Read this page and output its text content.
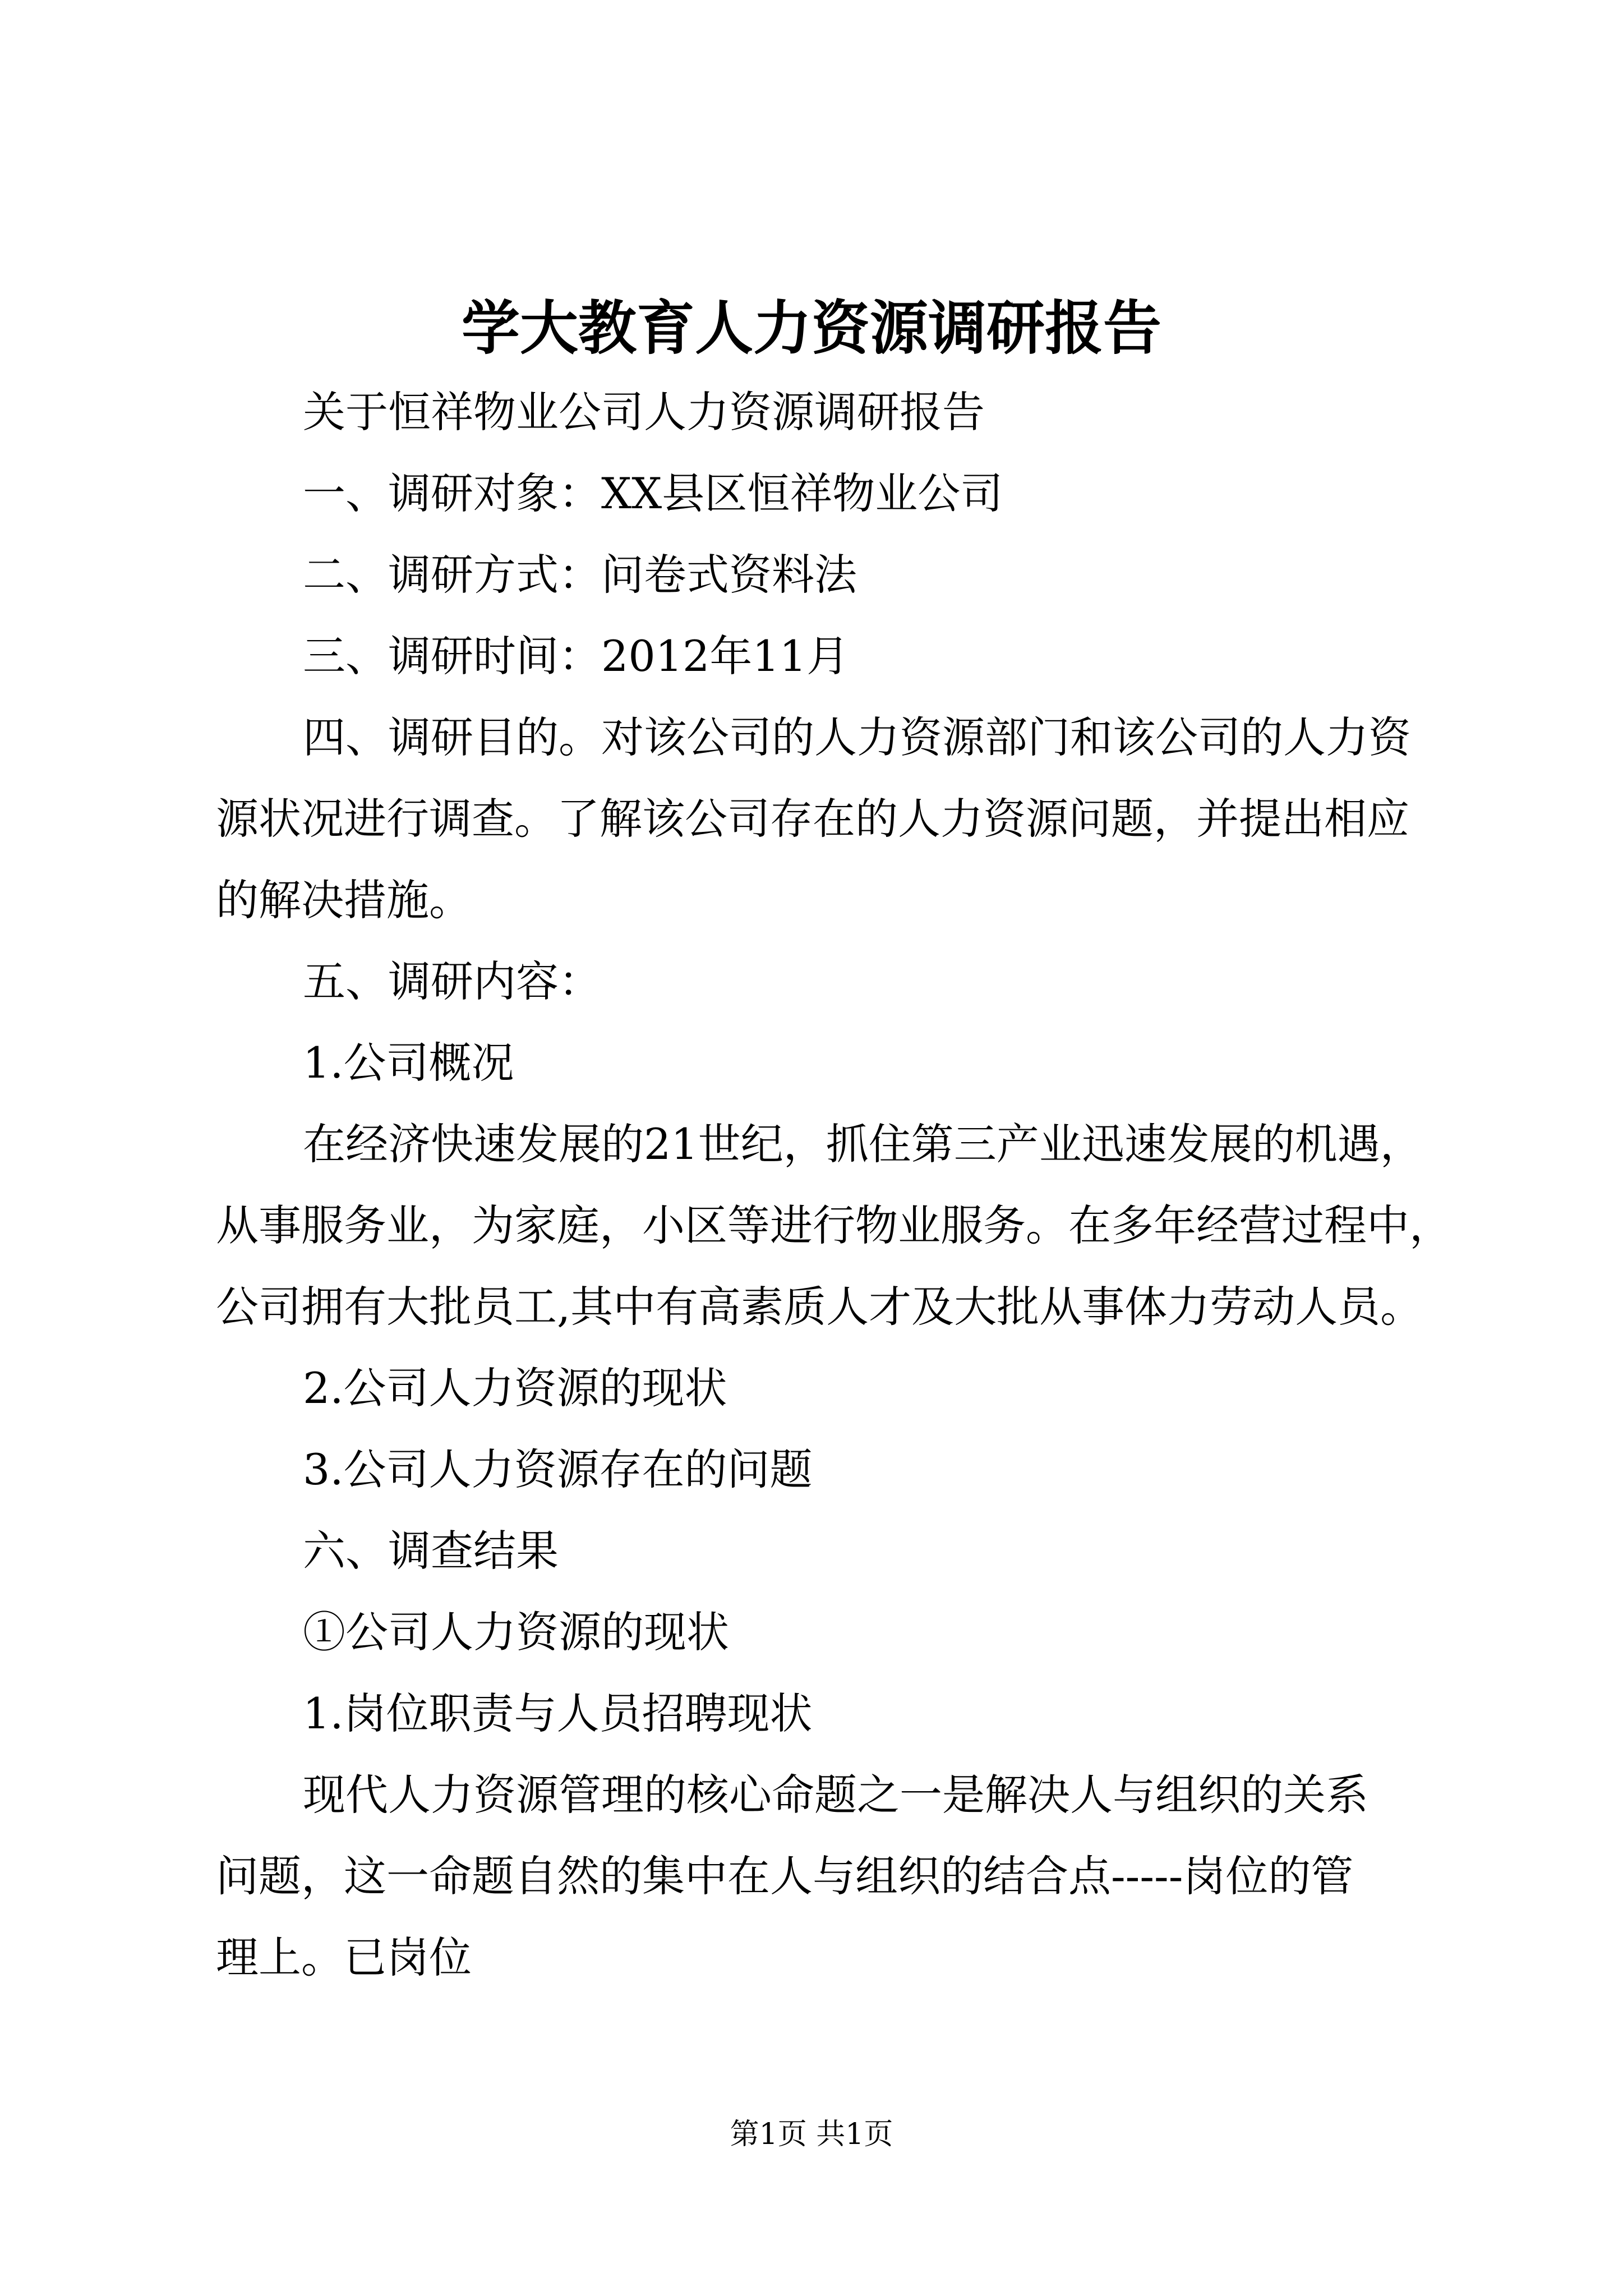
学大教育人力资源调研报告
关于恒祥物业公司人力资源调研报告
一、调研对象：XX县区恒祥物业公司
二、调研方式：问卷式资料法
三、调研时间：2012年11月
四、调研目的。对该公司的人力资源部门和该公司的人力资
源状况进行调查。了解该公司存在的人力资源问题，并提出相应
的解决措施。
五、调研内容：
1.公司概况
在经济快速发展的21世纪，抓住第三产业迅速发展的机遇，
从事服务业，为家庭，小区等进行物业服务。在多年经营过程中，
公司拥有大批员工,其中有高素质人才及大批从事体力劳动人员。
2.公司人力资源的现状
3.公司人力资源存在的问题
六、调查结果
①公司人力资源的现状
1.岗位职责与人员招聘现状
现代人力资源管理的核心命题之一是解决人与组织的关系
问题，这一命题自然的集中在人与组织的结合点-----岗位的管
理上。已岗位
第1页 共1页
